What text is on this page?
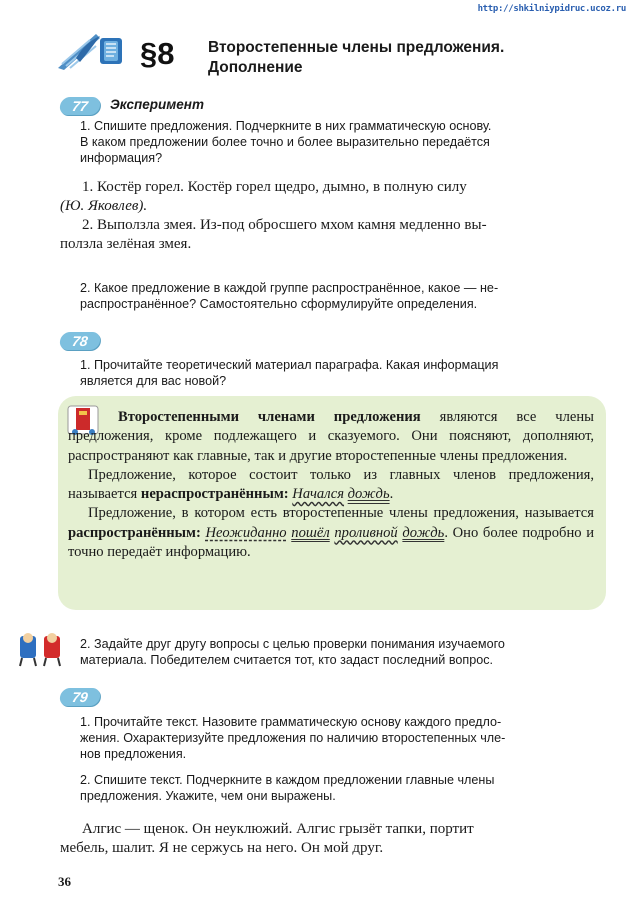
http://shkilniypidruc.ucoz.ru
§8 Второстепенные члены предложения.
Дополнение
77	Эксперимент
1. Спишите предложения. Подчеркните в них грамматическую основу.
В каком предложении более точно и более выразительно передаётся
информация?
1. Костёр горел. Костёр горел щедро, дымно, в полную силу
(Ю. Яковлев).
2. Выползла змея. Из-под обросшего мхом камня медленно вы-
ползла зелёная змея.
2. Какое предложение в каждой группе распространённое, какое — не-
распространённое? Самостоятельно сформулируйте определения.
78
1. Прочитайте теоретический материал параграфа. Какая информация
является для вас новой?

Второстепенными членами предложения являются все члены предложения, кроме подлежащего и сказуемого. Они поясняют, дополняют, распространяют как главные, так и другие второстепенные члены предложения.

Предложение, которое состоит только из главных членов предложения, называется нераспространённым: Начался дождь.

Предложение, в котором есть второстепенные члены предложения, называется распространённым: Неожиданно пошёл проливной дождь. Оно более подробно и точно передаёт информацию.

2. Задайте друг другу вопросы с целью проверки понимания изучаемого
материала. Победителем считается тот, кто задаст последний вопрос.
79
1. Прочитайте текст. Назовите грамматическую основу каждого предло-
жения. Охарактеризуйте предложения по наличию второстепенных чле-
нов предложения.
2. Спишите текст. Подчеркните в каждом предложении главные члены
предложения. Укажите, чем они выражены.
Алгис — щенок. Он неуклюжий. Алгис грызёт тапки, портит
мебель, шалит. Я не сержусь на него. Он мой друг.
36
